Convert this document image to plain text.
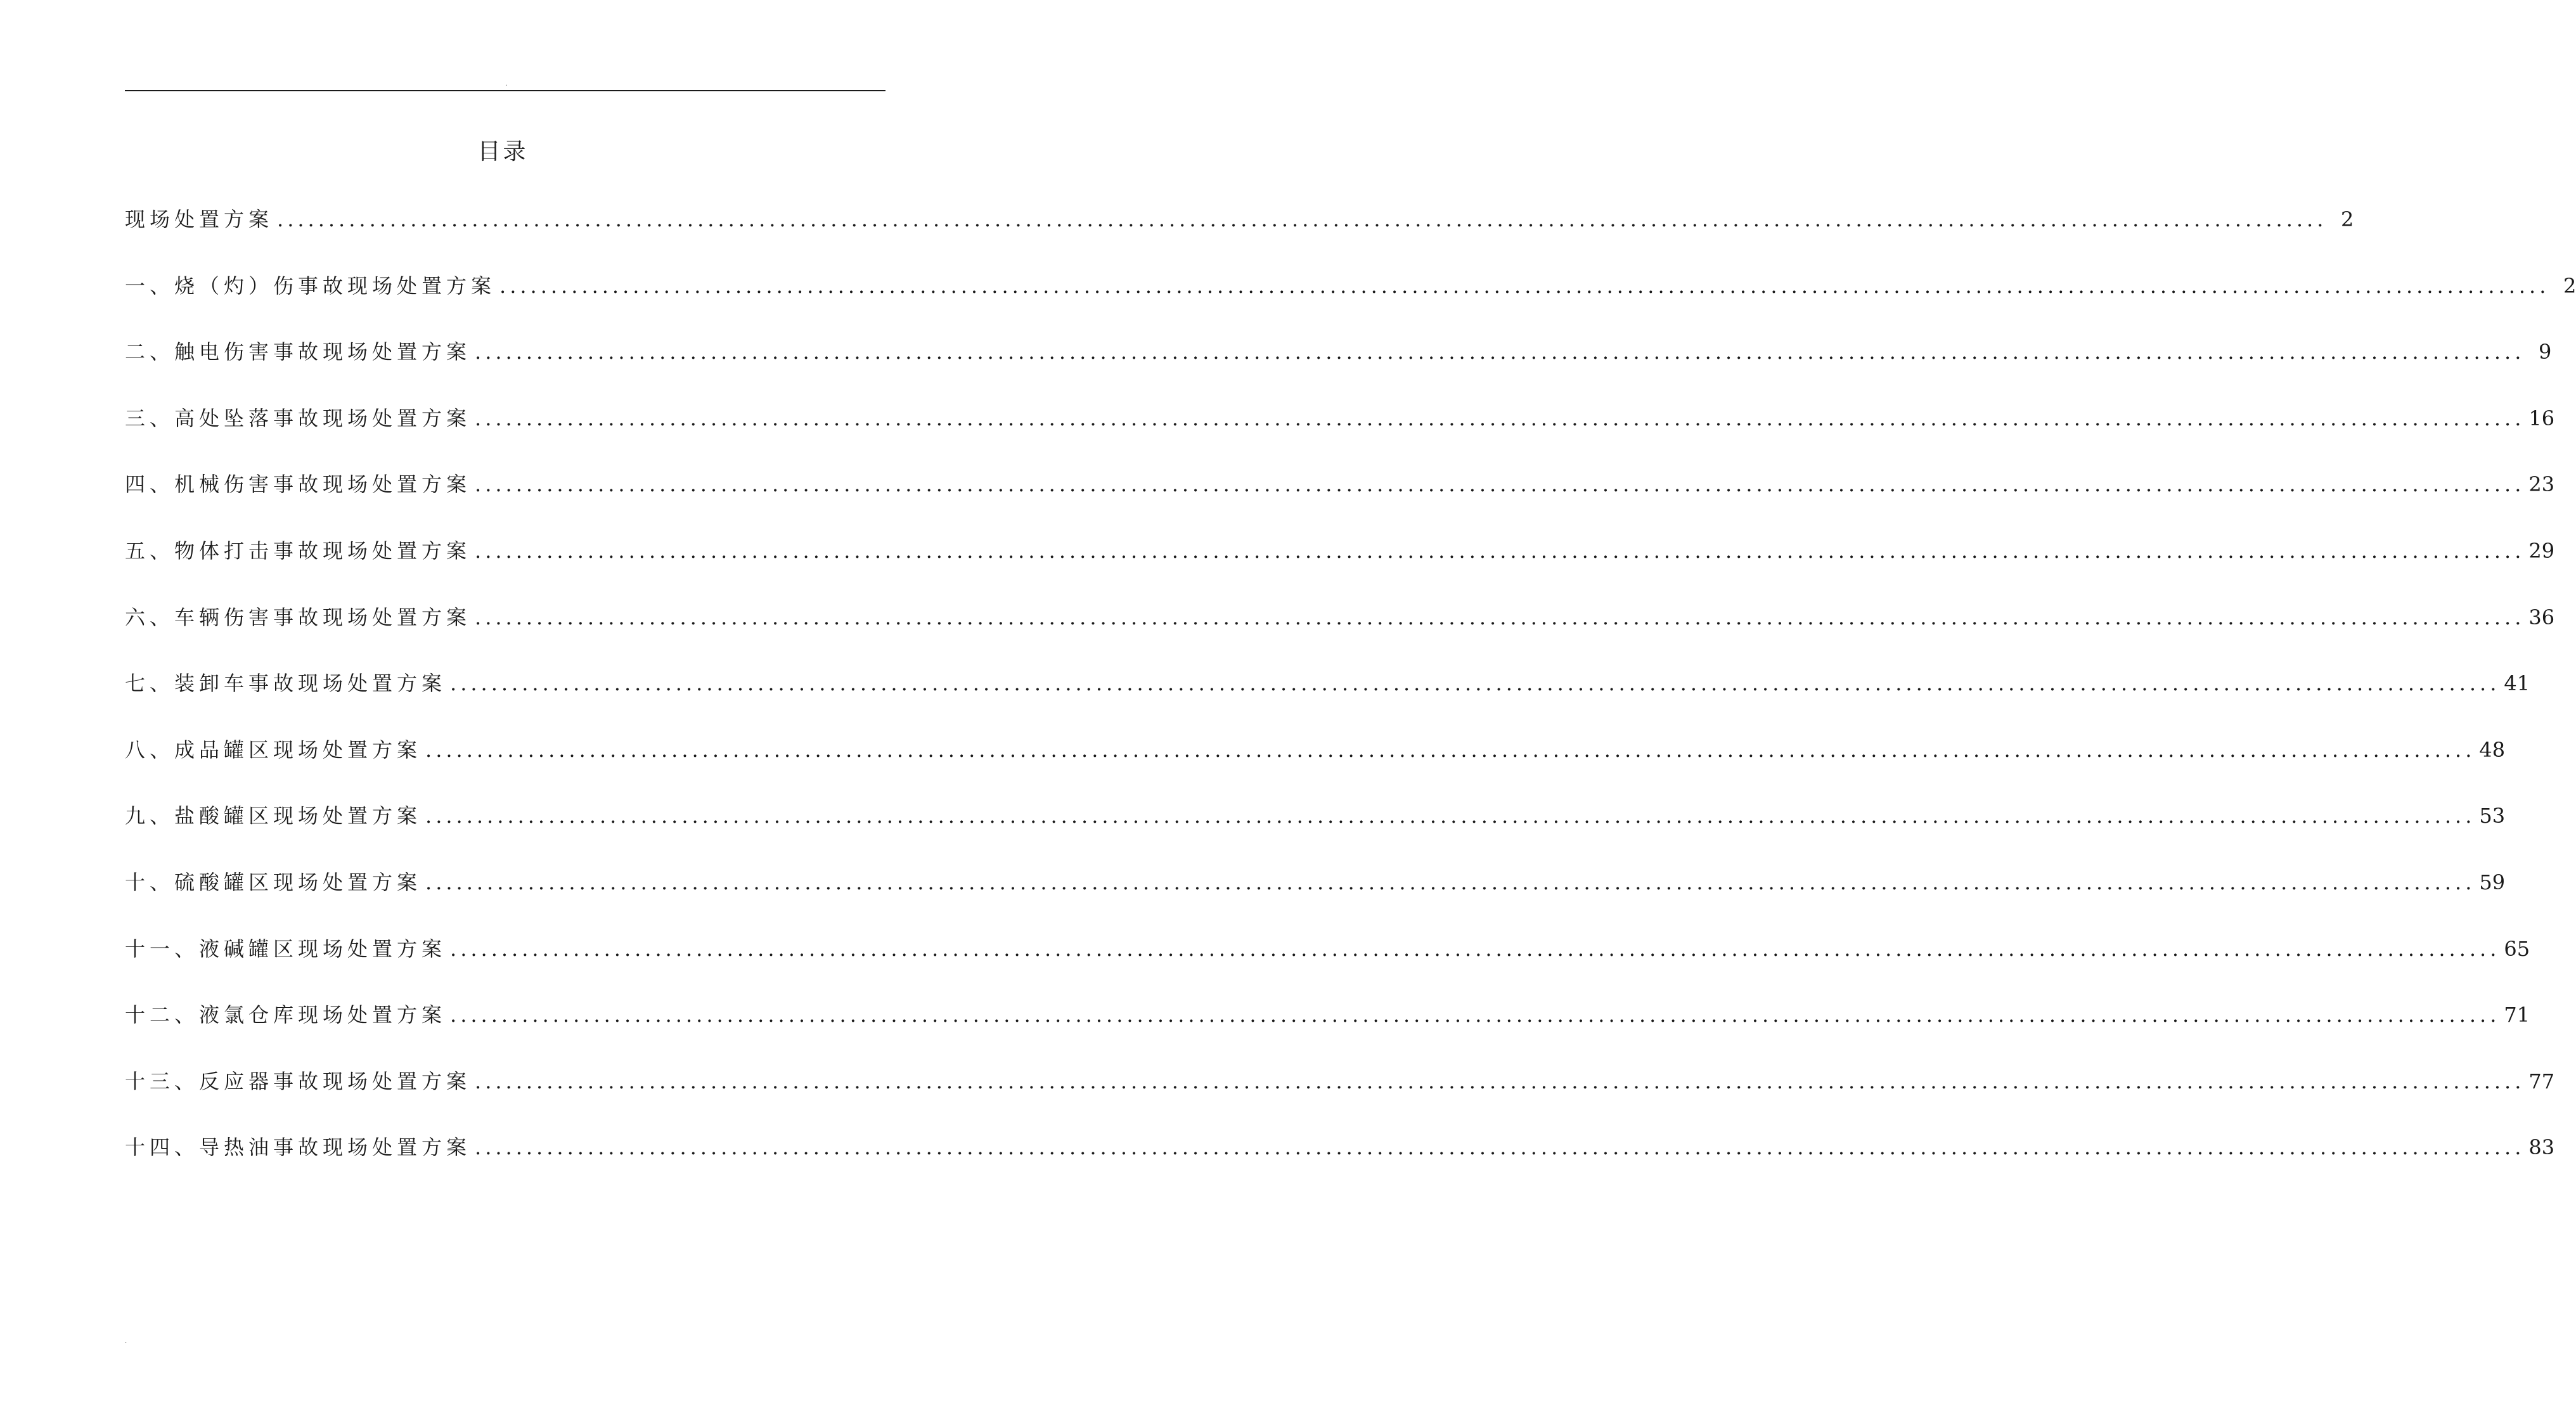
.
目录
现场处置方案 ........................................................................................................................................................................................................ 2
一、烧（灼）伤事故现场处置方案 ........................................................................................................................................................................................................ 2
二、触电伤害事故现场处置方案 ........................................................................................................................................................................................................ 9
三、高处坠落事故现场处置方案 ........................................................................................................................................................................................................ 16
四、机械伤害事故现场处置方案 ........................................................................................................................................................................................................ 23
五、物体打击事故现场处置方案 ........................................................................................................................................................................................................ 29
六、车辆伤害事故现场处置方案 ........................................................................................................................................................................................................ 36
七、装卸车事故现场处置方案 ........................................................................................................................................................................................................ 41
八、成品罐区现场处置方案 ........................................................................................................................................................................................................ 48
九、盐酸罐区现场处置方案 ........................................................................................................................................................................................................ 53
十、硫酸罐区现场处置方案 ........................................................................................................................................................................................................ 59
十一、液碱罐区现场处置方案 ........................................................................................................................................................................................................ 65
十二、液氯仓库现场处置方案 ........................................................................................................................................................................................................ 71
十三、反应器事故现场处置方案 ........................................................................................................................................................................................................ 77
十四、导热油事故现场处置方案 ........................................................................................................................................................................................................ 83
.
